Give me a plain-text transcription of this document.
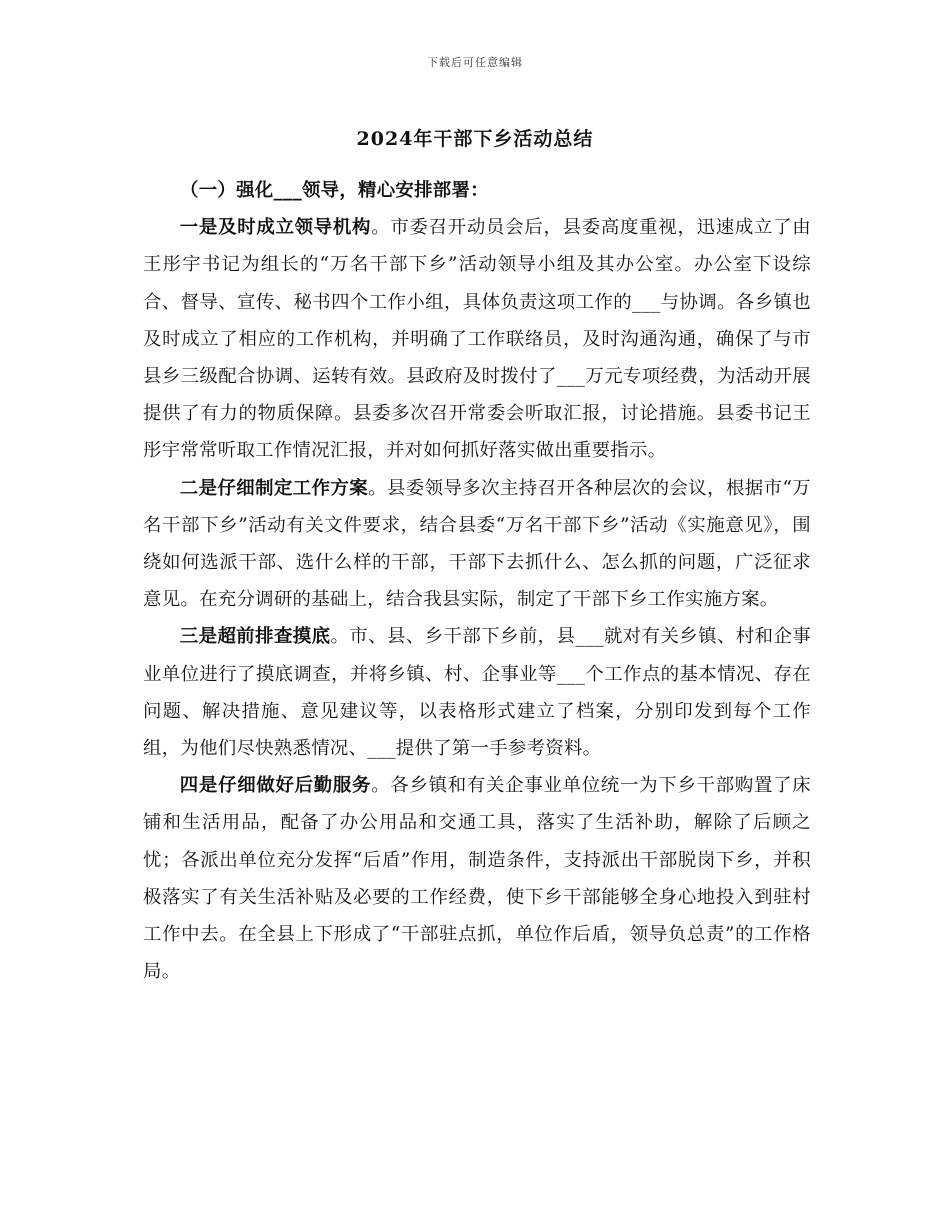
下载后可任意编辑
2024年干部下乡活动总结

（一）强化___领导，精心安排部署：

一是及时成立领导机构。市委召开动员会后，县委高度重视，迅速成立了由王彤宇书记为组长的“万名干部下乡”活动领导小组及其办公室。办公室下设综合、督导、宣传、秘书四个工作小组，具体负责这项工作的___与协调。各乡镇也及时成立了相应的工作机构，并明确了工作联络员，及时沟通沟通，确保了与市县乡三级配合协调、运转有效。县政府及时拨付了___万元专项经费，为活动开展提供了有力的物质保障。县委多次召开常委会听取汇报，讨论措施。县委书记王彤宇常常听取工作情况汇报，并对如何抓好落实做出重要指示。

二是仔细制定工作方案。县委领导多次主持召开各种层次的会议，根据市“万名干部下乡”活动有关文件要求，结合县委“万名干部下乡”活动《实施意见》，围绕如何选派干部、选什么样的干部，干部下去抓什么、怎么抓的问题，广泛征求意见。在充分调研的基础上，结合我县实际，制定了干部下乡工作实施方案。

三是超前排查摸底。市、县、乡干部下乡前，县___就对有关乡镇、村和企事业单位进行了摸底调查，并将乡镇、村、企事业等___个工作点的基本情况、存在问题、解决措施、意见建议等，以表格形式建立了档案，分别印发到每个工作组，为他们尽快熟悉情况、___提供了第一手参考资料。

四是仔细做好后勤服务。各乡镇和有关企事业单位统一为下乡干部购置了床铺和生活用品，配备了办公用品和交通工具，落实了生活补助，解除了后顾之忧；各派出单位充分发挥“后盾”作用，制造条件，支持派出干部脱岗下乡，并积极落实了有关生活补贴及必要的工作经费，使下乡干部能够全身心地投入到驻村工作中去。在全县上下形成了“干部驻点抓，单位作后盾，领导负总责”的工作格局。
